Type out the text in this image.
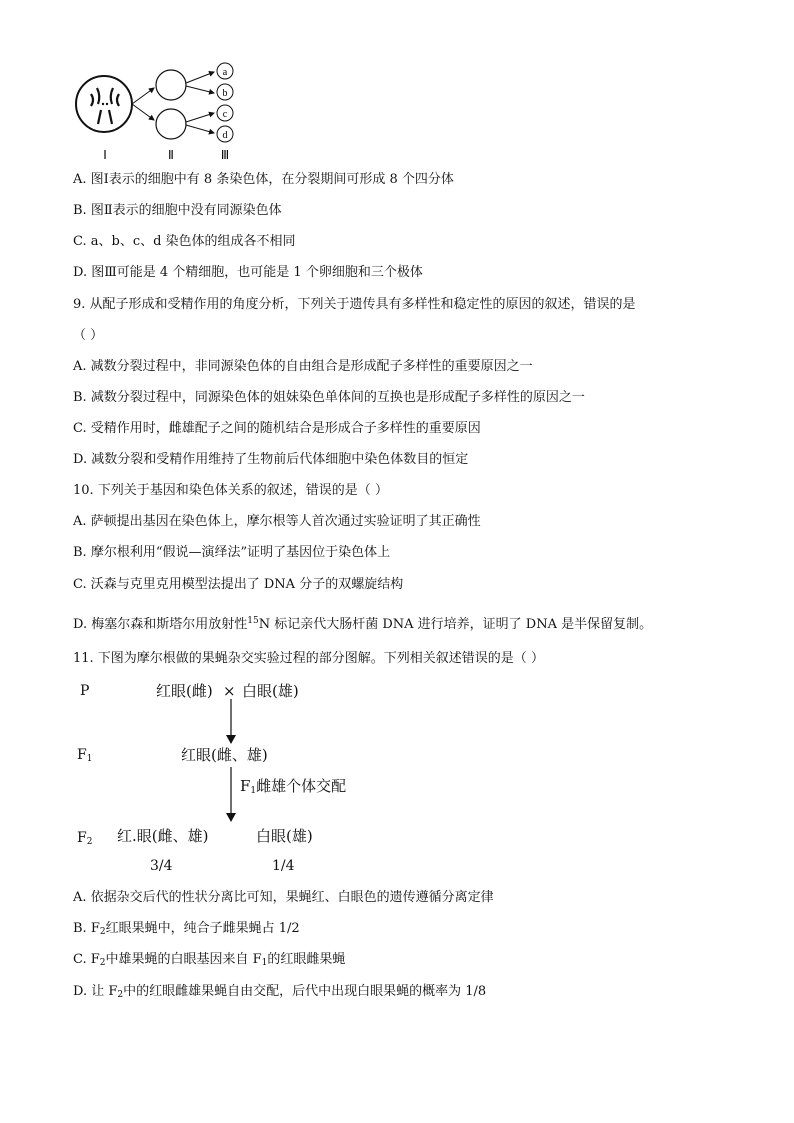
a
b
c
d
Ⅰ	Ⅱ	Ⅲ
A. 图Ⅰ表示的细胞中有 8 条染色体，在分裂期间可形成 8 个四分体
B. 图Ⅱ表示的细胞中没有同源染色体
C. a、b、c、d 染色体的组成各不相同
D. 图Ⅲ可能是 4 个精细胞，也可能是 1 个卵细胞和三个极体
9. 从配子形成和受精作用的角度分析，下列关于遗传具有多样性和稳定性的原因的叙述，错误的是
（ ）
A. 减数分裂过程中，非同源染色体的自由组合是形成配子多样性的重要原因之一
B. 减数分裂过程中，同源染色体的姐妹染色单体间的互换也是形成配子多样性的原因之一
C. 受精作用时，雌雄配子之间的随机结合是形成合子多样性的重要原因
D. 减数分裂和受精作用维持了生物前后代体细胞中染色体数目的恒定
10. 下列关于基因和染色体关系的叙述，错误的是（ ）
A. 萨顿提出基因在染色体上，摩尔根等人首次通过实验证明了其正确性
B. 摩尔根利用“假说—演绎法”证明了基因位于染色体上
C. 沃森与克里克用模型法提出了 DNA 分子的双螺旋结构
D. 梅塞尔森和斯塔尔用放射性$^{15}$N 标记亲代大肠杆菌 DNA 进行培养，证明了 DNA 是半保留复制。
11. 下图为摩尔根做的果蝇杂交实验过程的部分图解。下列相关叙述错误的是（ ）
P	红眼(雌) × 白眼(雄)
$F_1$	红眼(雌、雄)
$F_1$雌雄个体交配
$F_2$ 红.眼(雌、雄)	白眼(雄)
3/4	1/4
A. 依据杂交后代的性状分离比可知，果蝇红、白眼色的遗传遵循分离定律
B. $F_2$红眼果蝇中，纯合子雌果蝇占 1/2
C. $F_2$中雄果蝇的白眼基因来自 $F_1$的红眼雌果蝇
D. 让 $F_2$中的红眼雌雄果蝇自由交配，后代中出现白眼果蝇的概率为 1/8
